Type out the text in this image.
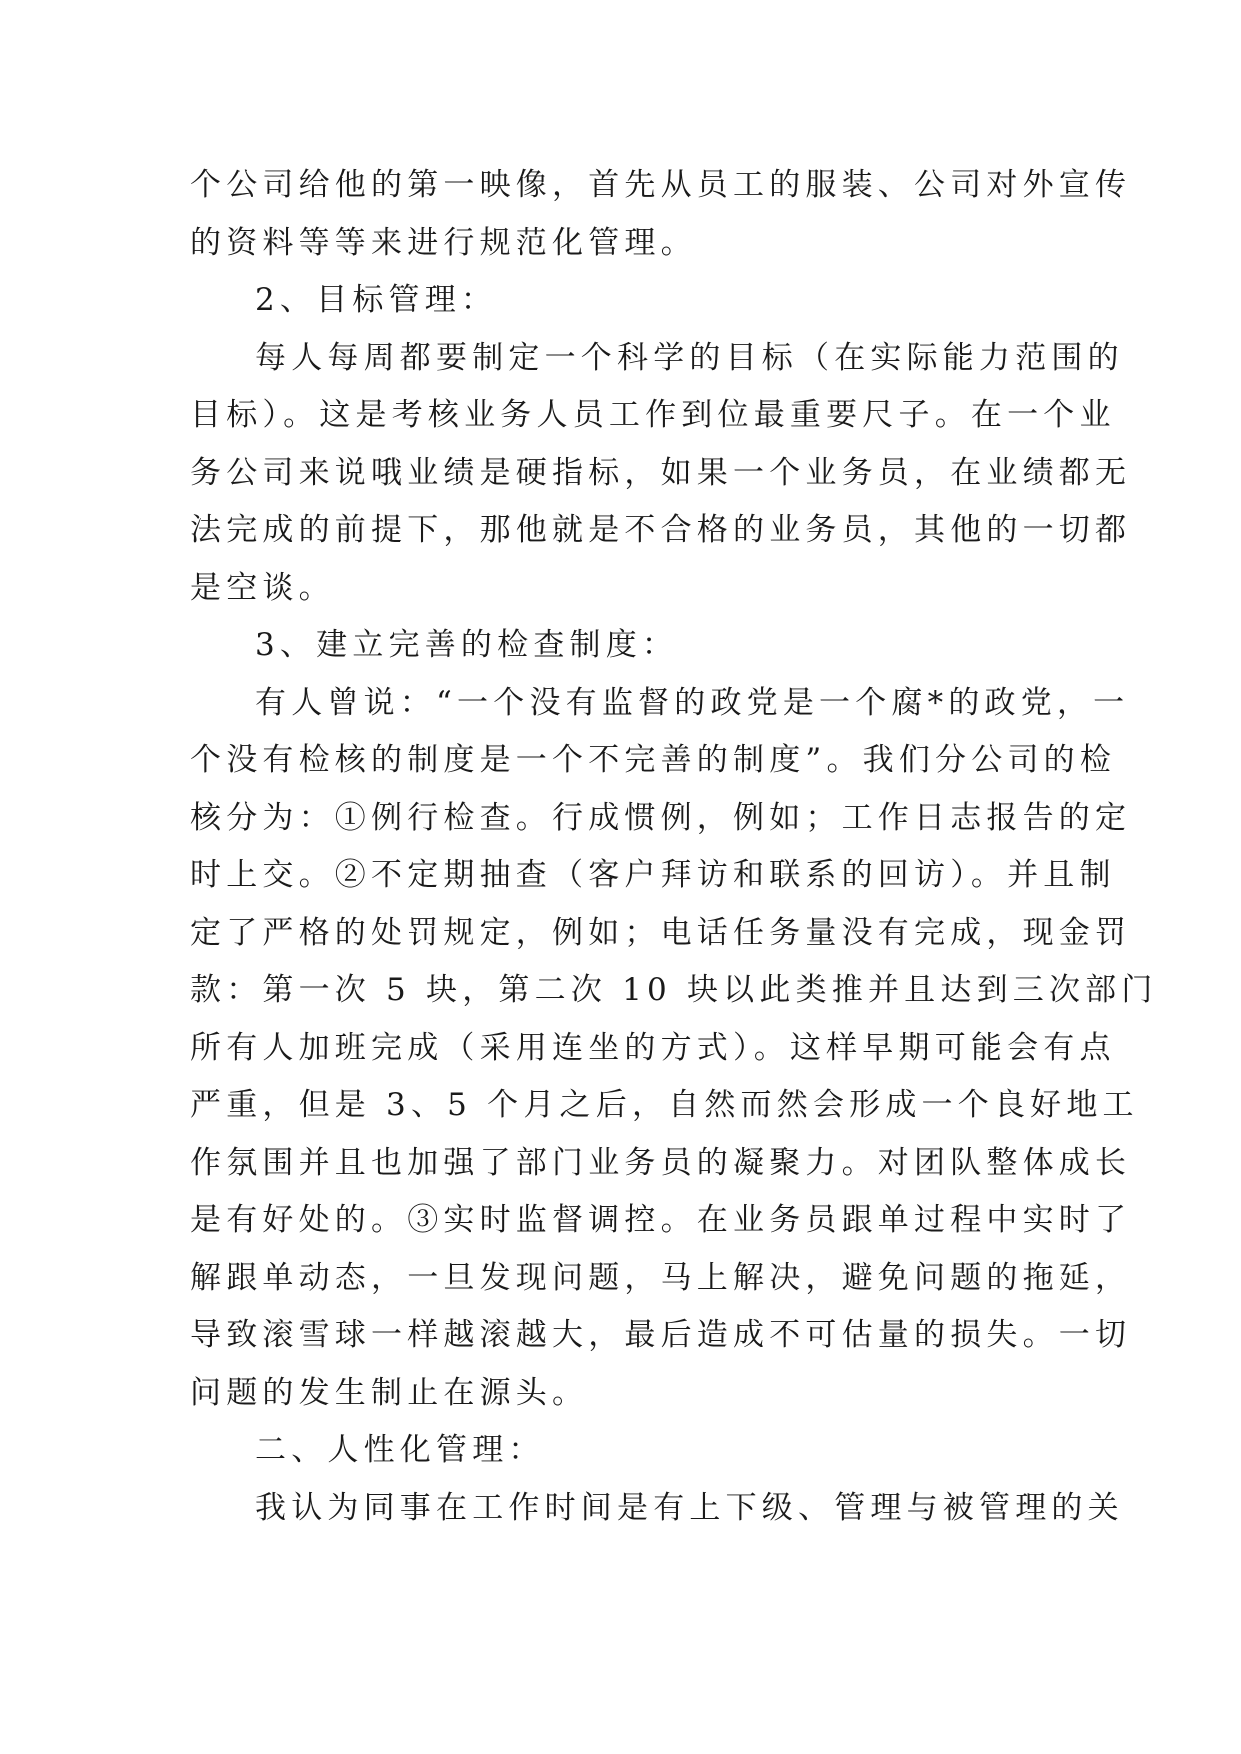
个公司给他的第一映像，首先从员工的服装、公司对外宣传
的资料等等来进行规范化管理。
2、目标管理：
每人每周都要制定一个科学的目标（在实际能力范围的
目标）。这是考核业务人员工作到位最重要尺子。在一个业
务公司来说哦业绩是硬指标，如果一个业务员，在业绩都无
法完成的前提下，那他就是不合格的业务员，其他的一切都
是空谈。
3、建立完善的检查制度：
有人曾说：“一个没有监督的政党是一个腐*的政党，一
个没有检核的制度是一个不完善的制度”。我们分公司的检
核分为：①例行检查。行成惯例，例如；工作日志报告的定
时上交。②不定期抽查（客户拜访和联系的回访）。并且制
定了严格的处罚规定，例如；电话任务量没有完成，现金罚
款：第一次 5 块，第二次 10 块以此类推并且达到三次部门
所有人加班完成（采用连坐的方式）。这样早期可能会有点
严重，但是 3、5 个月之后，自然而然会形成一个良好地工
作氛围并且也加强了部门业务员的凝聚力。对团队整体成长
是有好处的。③实时监督调控。在业务员跟单过程中实时了
解跟单动态，一旦发现问题，马上解决，避免问题的拖延，
导致滚雪球一样越滚越大，最后造成不可估量的损失。一切
问题的发生制止在源头。
二、人性化管理：
我认为同事在工作时间是有上下级、管理与被管理的关
